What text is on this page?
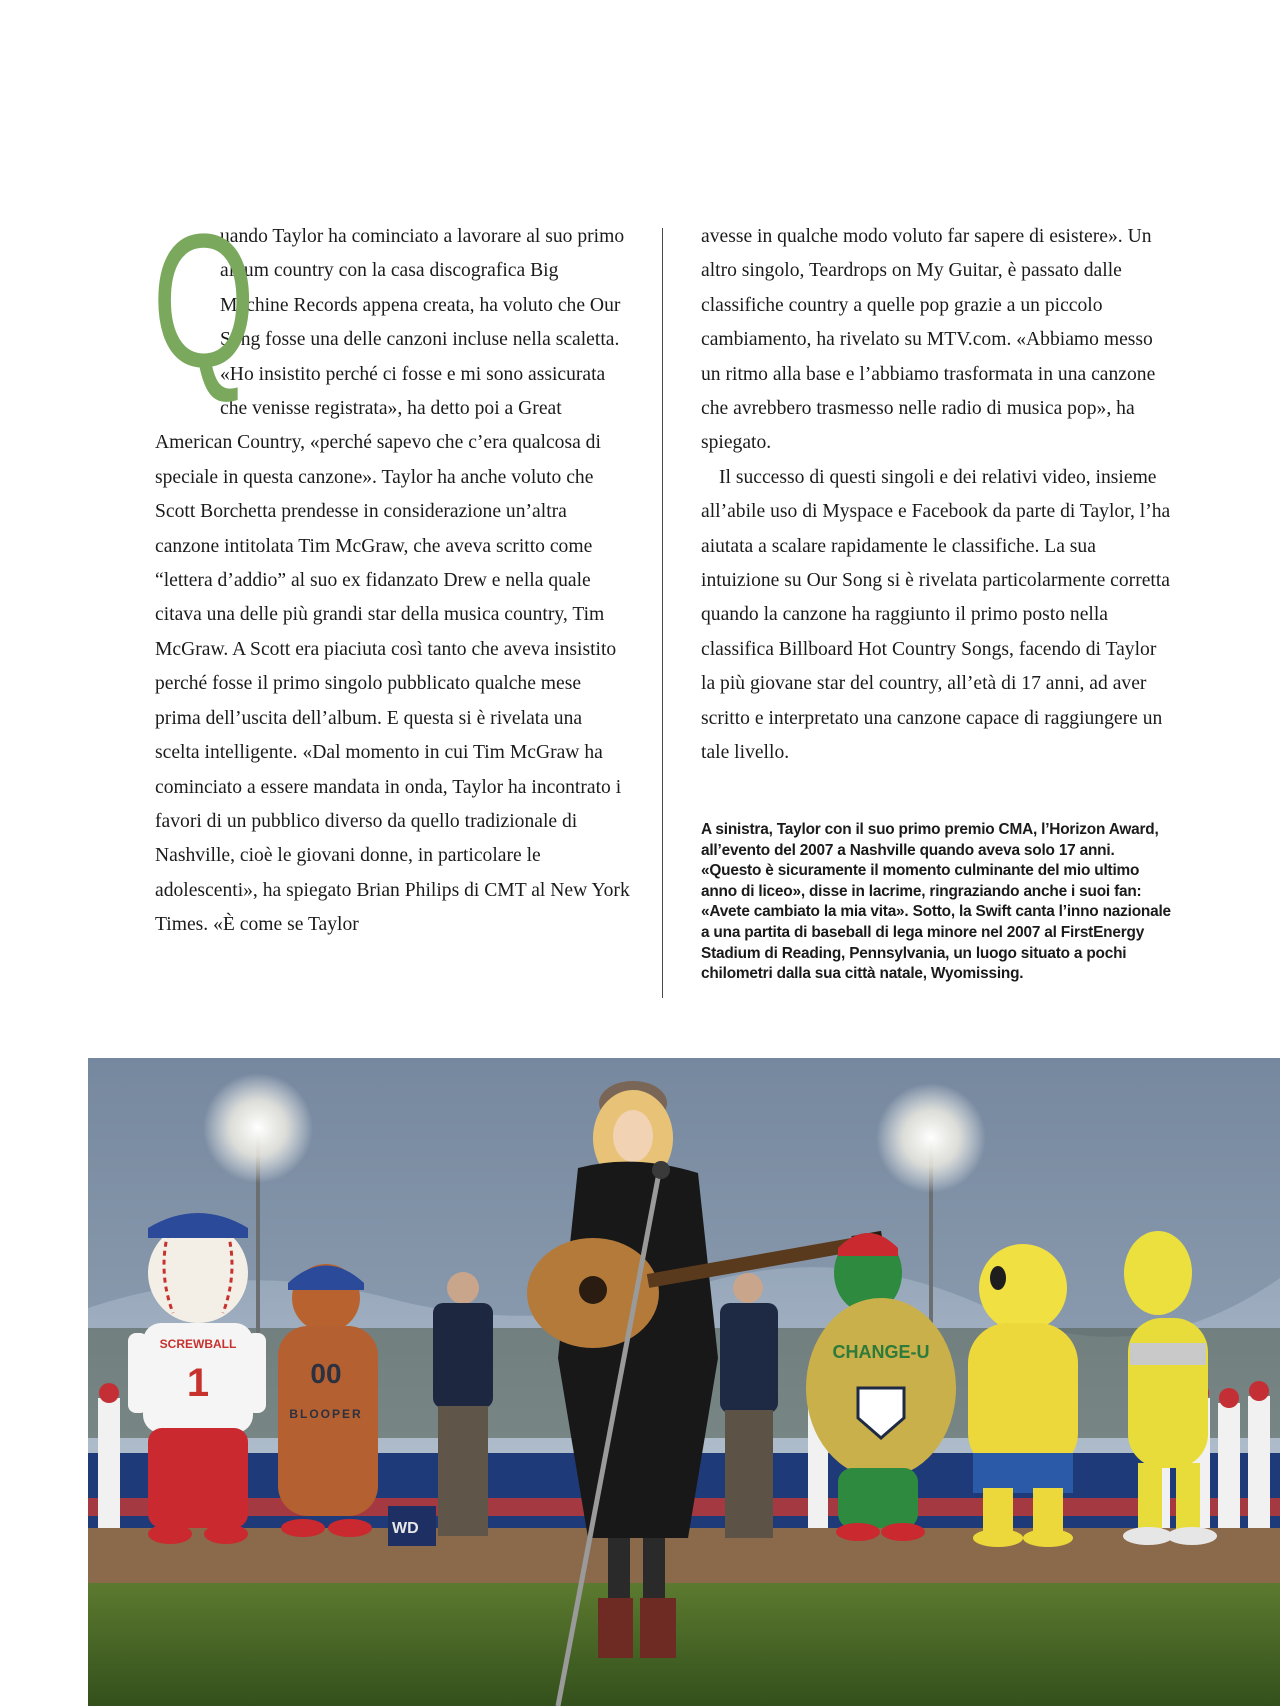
Q

uando Taylor ha cominciato a lavorare al suo primo album country con la casa discografica Big Machine Records appena creata, ha voluto che Our Song fosse una delle canzoni incluse nella scaletta. «Ho insistito perché ci fosse e mi sono assicurata che venisse registrata», ha detto poi a Great American Country, «perché sapevo che c’era qualcosa di speciale in questa canzone». Taylor ha anche voluto che Scott Borchetta prendesse in considerazione un’altra canzone intitolata Tim McGraw, che aveva scritto come “lettera d’addio” al suo ex fidanzato Drew e nella quale citava una delle più grandi star della musica country, Tim McGraw. A Scott era piaciuta così tanto che aveva insistito perché fosse il primo singolo pubblicato qualche mese prima dell’uscita dell’album. E questa si è rivelata una scelta intelligente. «Dal momento in cui Tim McGraw ha cominciato a essere mandata in onda, Taylor ha incontrato i favori di un pubblico diverso da quello tradizionale di Nashville, cioè le giovani donne, in particolare le adolescenti», ha spiegato Brian Philips di CMT al New York Times. «È come se Taylor

avesse in qualche modo voluto far sapere di esistere». Un altro singolo, Teardrops on My Guitar, è passato dalle classifiche country a quelle pop grazie a un piccolo cambiamento, ha rivelato su MTV.com. «Abbiamo messo un ritmo alla base e l’abbiamo trasformata in una canzone che avrebbero trasmesso nelle radio di musica pop», ha spiegato.

Il successo di questi singoli e dei relativi video, insieme all’abile uso di Myspace e Facebook da parte di Taylor, l’ha aiutata a scalare rapidamente le classifiche. La sua intuizione su Our Song si è rivelata particolarmente corretta quando la canzone ha raggiunto il primo posto nella classifica Billboard Hot Country Songs, facendo di Taylor la più giovane star del country, all’età di 17 anni, ad aver scritto e interpretato una canzone capace di raggiungere un tale livello.

A sinistra, Taylor con il suo primo premio CMA, l’Horizon Award, all’evento del 2007 a Nashville quando aveva solo 17 anni. «Questo è sicuramente il momento culminante del mio ultimo anno di liceo», disse in lacrime, ringraziando anche i suoi fan: «Avete cambiato la mia vita». Sotto, la Swift canta l’inno nazionale a una partita di baseball di lega minore nel 2007 al FirstEnergy Stadium di Reading, Pennsylvania, un luogo situato a pochi chilometri dalla sua città natale, Wyomissing.

WD
SCREWBALL
1	00
BLOOPER
CHANGE-U
